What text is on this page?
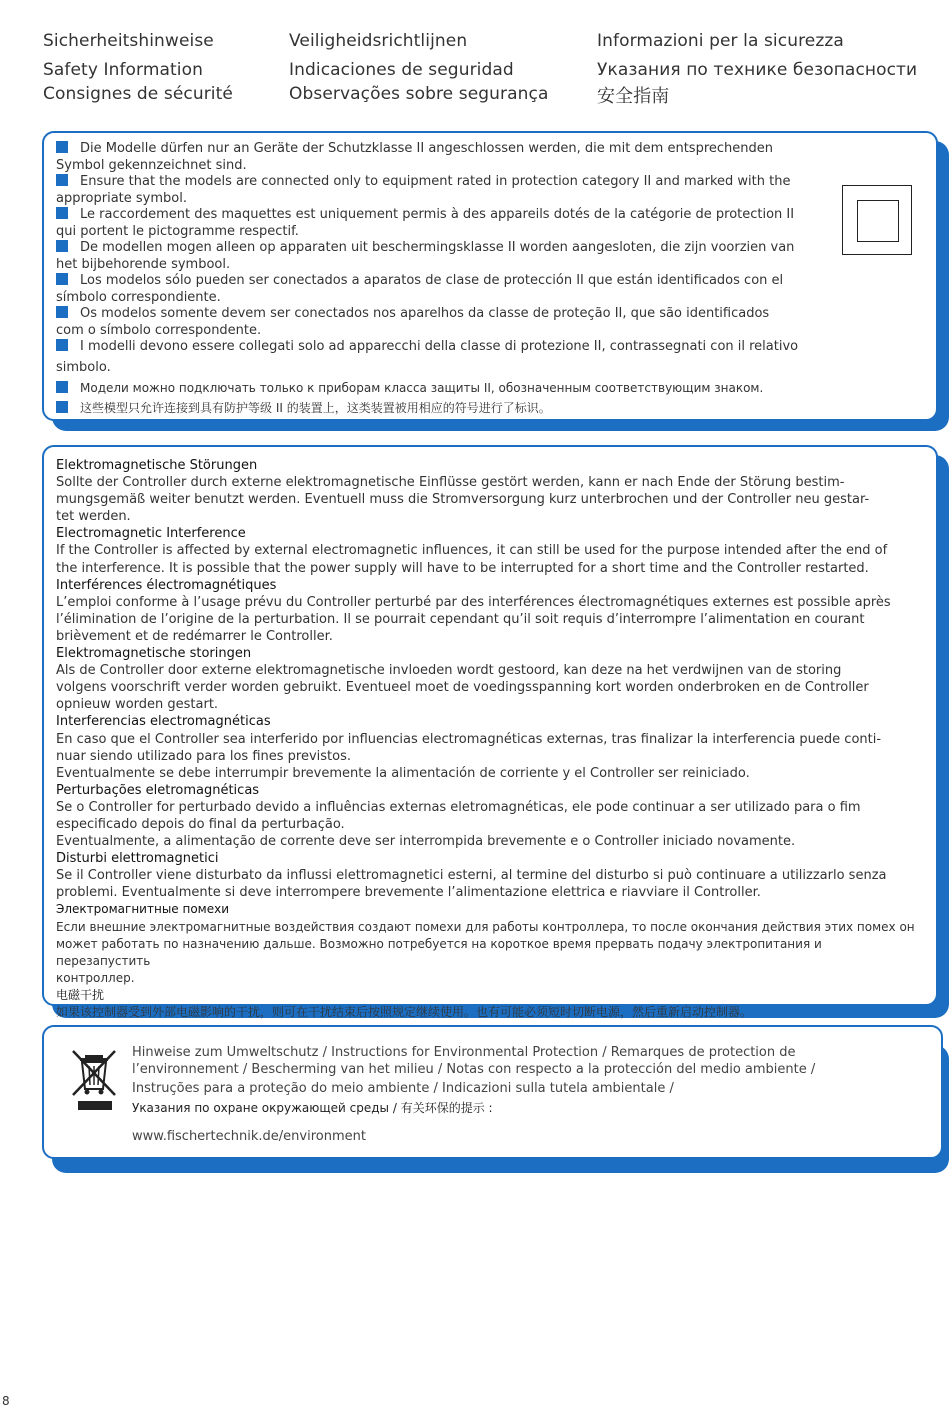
Sicherheitshinweise
Safety Information
Consignes de sécurité
Veiligheidsrichtlijnen
Indicaciones de seguridad
Observações sobre segurança
Informazioni per la sicurezza
Указания по технике безопасности
安全指南
Die Modelle dürfen nur an Geräte der Schutzklasse II angeschlossen werden, die mit dem entsprechenden
Symbol gekennzeichnet sind.
Ensure that the models are connected only to equipment rated in protection category II and marked with the
appropriate symbol.
Le raccordement des maquettes est uniquement permis à des appareils dotés de la catégorie de protection II
qui portent le pictogramme respectif.
De modellen mogen alleen op apparaten uit beschermingsklasse II worden aangesloten, die zijn voorzien van
het bijbehorende symbool.
Los modelos sólo pueden ser conectados a aparatos de clase de protección II que están identificados con el
símbolo correspondiente.
Os modelos somente devem ser conectados nos aparelhos da classe de proteção II, que são identificados
com o símbolo correspondente.
I modelli devono essere collegati solo ad apparecchi della classe di protezione II, contrassegnati con il relativo
simbolo.
Модели можно подключать только к приборам класса защиты II, обозначенным соответствующим знаком.
这些模型只允许连接到具有防护等级 II 的装置上，这类装置被用相应的符号进行了标识。
Elektromagnetische Störungen
Sollte der Controller durch externe elektromagnetische Einflüsse gestört werden, kann er nach Ende der Störung bestim-
mungsgemäß weiter benutzt werden. Eventuell muss die Stromversorgung kurz unterbrochen und der Controller neu gestar-
tet werden.
Electromagnetic Interference
If the Controller is affected by external electromagnetic influences, it can still be used for the purpose intended after the end of
the interference. It is possible that the power supply will have to be interrupted for a short time and the Controller restarted.
Interférences électromagnétiques
L’emploi conforme à l’usage prévu du Controller perturbé par des interférences électromagnétiques externes est possible après
l’élimination de l’origine de la perturbation. Il se pourrait cependant qu’il soit requis d’interrompre l’alimentation en courant
brièvement et de redémarrer le Controller.
Elektromagnetische storingen
Als de Controller door externe elektromagnetische invloeden wordt gestoord, kan deze na het verdwijnen van de storing
volgens voorschrift verder worden gebruikt. Eventueel moet de voedingsspanning kort worden onderbroken en de Controller
opnieuw worden gestart.
Interferencias electromagnéticas
En caso que el Controller sea interferido por influencias electromagnéticas externas, tras finalizar la interferencia puede conti-
nuar siendo utilizado para los fines previstos.
Eventualmente se debe interrumpir brevemente la alimentación de corriente y el Controller ser reiniciado.
Perturbações eletromagnéticas
Se o Controller for perturbado devido a influências externas eletromagnéticas, ele pode continuar a ser utilizado para o fim
especificado depois do final da perturbação.
Eventualmente, a alimentação de corrente deve ser interrompida brevemente e o Controller iniciado novamente.
Disturbi elettromagnetici
Se il Controller viene disturbato da influssi elettromagnetici esterni, al termine del disturbo si può continuare a utilizzarlo senza
problemi. Eventualmente si deve interrompere brevemente l’alimentazione elettrica e riavviare il Controller.
Электромагнитные помехи
Если внешние электромагнитные воздействия создают помехи для работы контроллера, то после окончания действия этих помех он
может работать по назначению дальше. Возможно потребуется на короткое время прервать подачу электропитания и перезапустить
контроллер.
电磁干扰
如果该控制器受到外部电磁影响的干扰，则可在干扰结束后按照规定继续使用。也有可能必须短时切断电源，然后重新启动控制器。
Hinweise zum Umweltschutz / Instructions for Environmental Protection / Remarques de protection de
l’environnement / Bescherming van het milieu / Notas con respecto a la protección del medio ambiente /
Instruções para a proteção do meio ambiente / Indicazioni sulla tutela ambientale /
Указания по охране окружающей среды / 有关环保的提示 :
www.fischertechnik.de/environment
8
